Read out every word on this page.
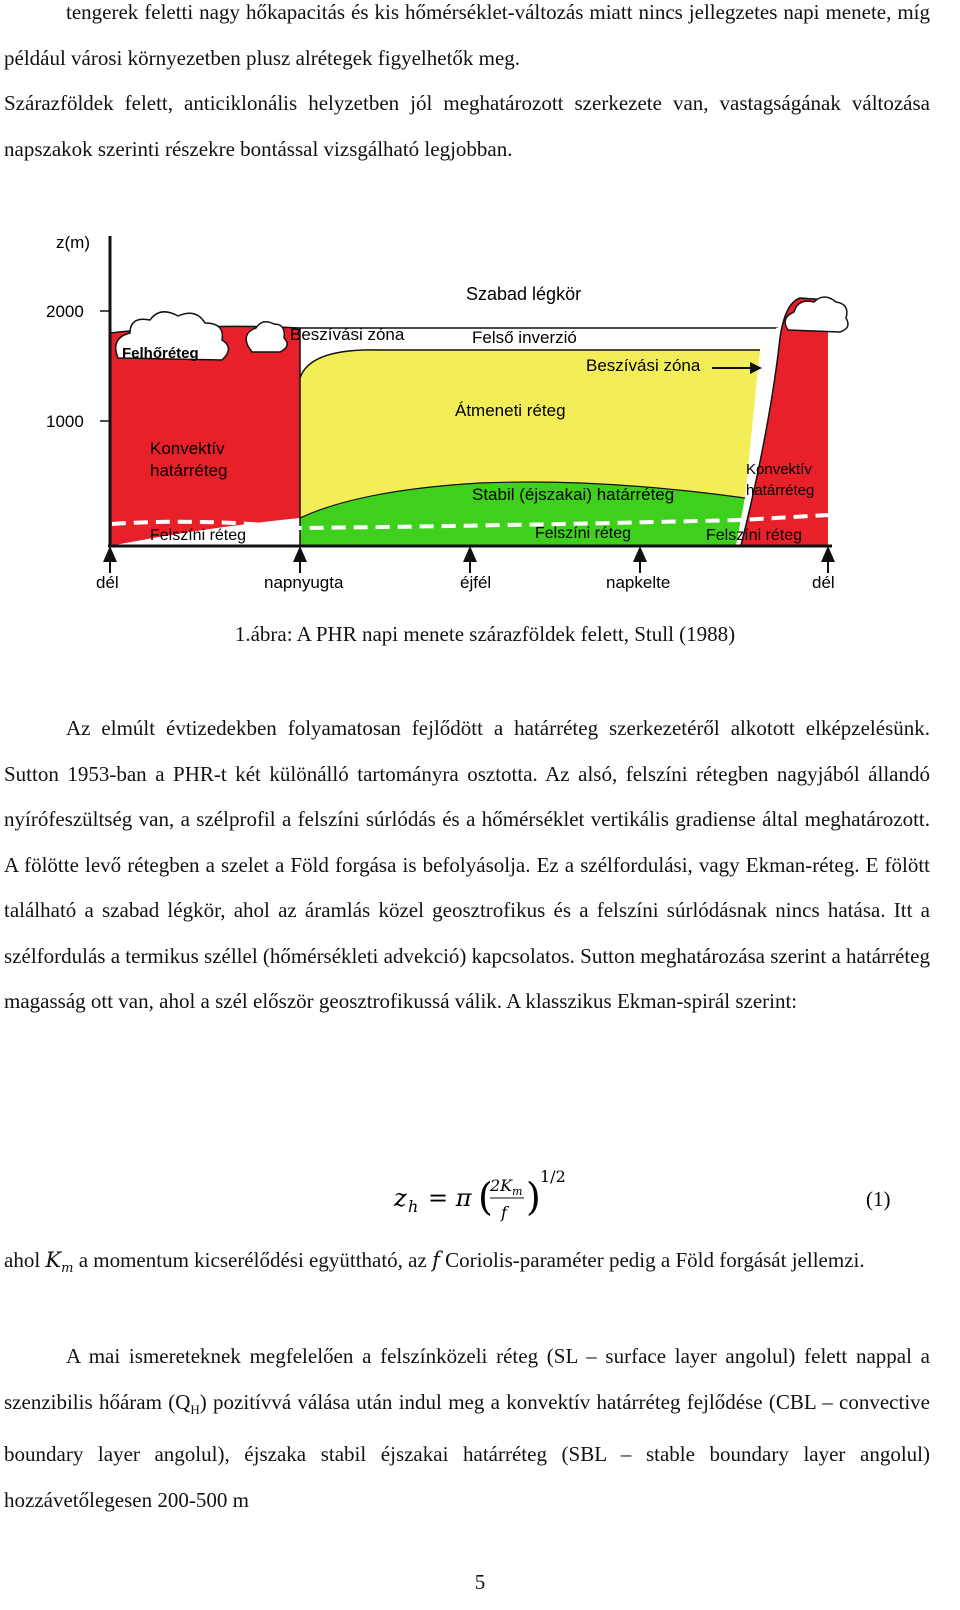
tengerek feletti nagy hőkapacitás és kis hőmérséklet-változás miatt nincs jellegzetes napi menete, míg például városi környezetben plusz alrétegek figyelhetők meg.
Szárazföldek felett, anticiklonális helyzetben jól meghatározott szerkezete van, vastagságának változása napszakok szerinti részekre bontással vizsgálható legjobban.
z(m)
2000
1000
Szabad légkör
Felhőréteg
Beszívási zóna	Felső inverzió
Beszívási zóna
Átmeneti réteg
Konvektív
határréteg	Konvektív
határréteg
Stabil (éjszakai) határréteg
Felszíni réteg	Felszíni réteg	Felszíni réteg
dél	napnyugta	éjfél	napkelte	dél
1.ábra: A PHR napi menete szárazföldek felett, Stull (1988)
Az elmúlt évtizedekben folyamatosan fejlődött a határréteg szerkezetéről alkotott elképzelésünk. Sutton 1953-ban a PHR-t két különálló tartományra osztotta. Az alsó, felszíni rétegben nagyjából állandó nyírófeszültség van, a szélprofil a felszíni súrlódás és a hőmérséklet vertikális gradiense által meghatározott. A fölötte levő rétegben a szelet a Föld forgása is befolyásolja. Ez a szélfordulási, vagy Ekman-réteg. E fölött található a szabad légkör, ahol az áramlás közel geosztrofikus és a felszíni súrlódásnak nincs hatása. Itt a szélfordulás a termikus széllel (hőmérsékleti advekció) kapcsolatos. Sutton meghatározása szerint a határréteg magasság ott van, ahol a szél először geosztrofikussá válik. A klasszikus Ekman-spirál szerint:
z h = π (
2K m
f ) 1/2
(1)
ahol $K_m$ a momentum kicserélődési együttható, az f Coriolis-paraméter pedig a Föld forgását jellemzi.
A mai ismereteknek megfelelően a felszínközeli réteg (SL – surface layer angolul) felett nappal a szenzibilis hőáram $(Q_H)$ pozitívvá válása után indul meg a konvektív határréteg fejlődése (CBL – convective boundary layer angolul), éjszaka stabil éjszakai határréteg (SBL – stable boundary layer angolul) hozzávetőlegesen 200-500 m
5
